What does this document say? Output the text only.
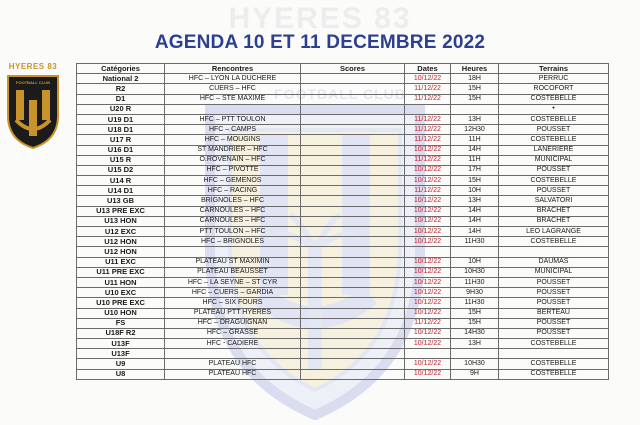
HYERES 83
FOOTBALL CLUB
HYERES 83
FOOTBALL CLUB
AGENDA 10 ET 11 DECEMBRE 2022
Catégories	Rencontres	Scores	Dates	Heures	Terrains
National 2	HFC – LYON LA DUCHERE		10/12/22	18H	PERRUC
R2	CUERS – HFC		11/12/22	15H	ROCOFORT
D1	HFC – STE MAXIME		11/12/22	15H	COSTEBELLE
U20 R					•
U19 D1	HFC – PTT TOULON		11/12/22	13H	COSTEBELLE
U18 D1	HFC – CAMPS		11/12/22	12H30	POUSSET
U17 R	HFC – MOUGINS		11/12/22	11H	COSTEBELLE
U16 D1	ST MANDRIER – HFC		10/12/22	14H	LANERIERE
U15 R	O.ROVENAIN – HFC		11/12/22	11H	MUNICIPAL
U15 D2	HFC – PIVOTTE		10/12/22	17H	POUSSET
U14 R	HFC – GEMENOS		10/12/22	15H	COSTEBELLE
U14 D1	HFC – RACING		11/12/22	10H	POUSSET
U13 GB	BRIGNOLES – HFC		10/12/22	13H	SALVATORI
U13 PRE EXC	CARNOULES – HFC		10/12/22	14H	BRACHET
U13 HON	CARNOULES – HFC		10/12/22	14H	BRACHET
U12 EXC	PTT TOULON – HFC		10/12/22	14H	LEO LAGRANGE
U12 HON	HFC – BRIGNOLES		10/12/22	11H30	COSTEBELLE
U12 HON					
U11 EXC	PLATEAU ST MAXIMIN		10/12/22	10H	DAUMAS
U11 PRE EXC	PLATEAU BEAUSSET		10/12/22	10H30	MUNICIPAL
U11 HON	HFC – LA SEYNE – ST CYR		10/12/22	11H30	POUSSET
U10 EXC	HFC – CUERS – GARDIA		10/12/22	9H30	POUSSET
U10 PRE EXC	HFC – SIX FOURS		10/12/22	11H30	POUSSET
U10 HON	PLATEAU PTT HYERES		10/12/22	15H	BERTEAU
FS	HFC – DRAGUIGNAN		11/12/22	15H	POUSSET
U18F R2	HFC – GRASSE		10/12/22	14H30	POUSSET
U13F	HFC - CADIERE		10/12/22	13H	COSTEBELLE
U13F					
U9	PLATEAU HFC		10/12/22	10H30	COSTEBELLE
U8	PLATEAU HFC		10/12/22	9H	COSTEBELLE
